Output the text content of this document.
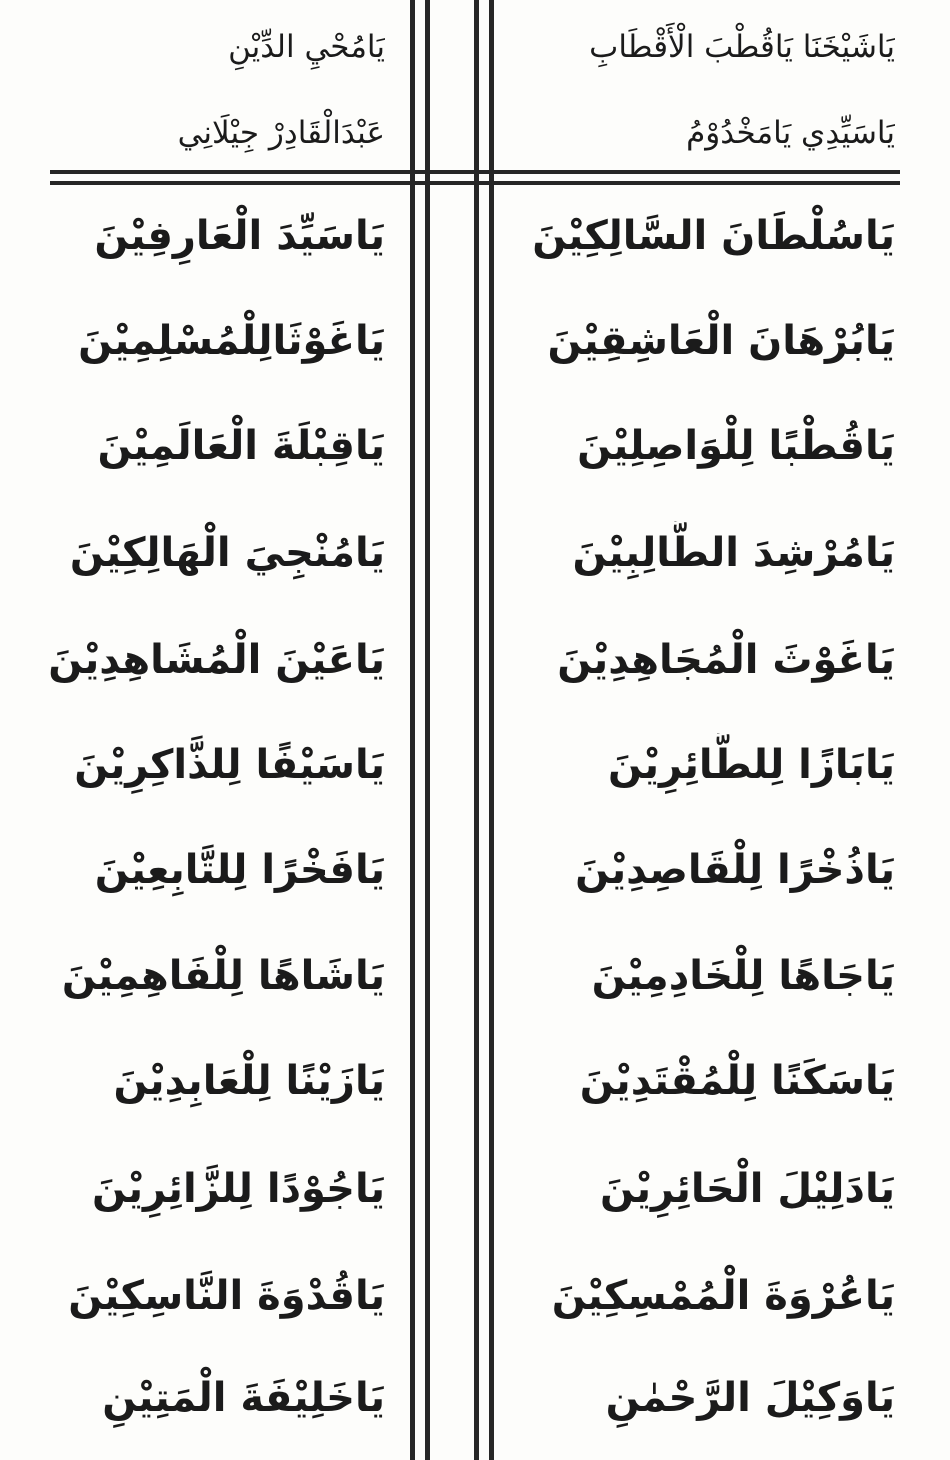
يَاشَيْخَنَا يَاقُطْبَ الْأَقْطَابِ
يَاسَيِّدِي يَامَخْدُوْمُ
يَامُحْيِ الدِّيْنِ
عَبْدَالْقَادِرْ جِيْلَانِي
يَاسُلْطَانَ السَّالِكِيْنَ
يَاسَيِّدَ الْعَارِفِيْنَ
يَابُرْهَانَ الْعَاشِقِيْنَ
يَاغَوْثَالِلْمُسْلِمِيْنَ
يَاقُطْبًا لِلْوَاصِلِيْنَ
يَاقِبْلَةَ الْعَالَمِيْنَ
يَامُرْشِدَ الطَّالِبِيْنَ
يَامُنْجِيَ الْهَالِكِيْنَ
يَاغَوْثَ الْمُجَاهِدِيْنَ
يَاعَيْنَ الْمُشَاهِدِيْنَ
يَابَازًا لِلطَّائِرِيْنَ
يَاسَيْفًا لِلذَّاكِرِيْنَ
يَاذُخْرًا لِلْقَاصِدِيْنَ
يَافَخْرًا لِلتَّابِعِيْنَ
يَاجَاهًا لِلْخَادِمِيْنَ
يَاشَاهًا لِلْفَاهِمِيْنَ
يَاسَكَنًا لِلْمُقْتَدِيْنَ
يَازَيْنًا لِلْعَابِدِيْنَ
يَادَلِيْلَ الْحَائِرِيْنَ
يَاجُوْدًا لِلزَّائِرِيْنَ
يَاعُرْوَةَ الْمُمْسِكِيْنَ
يَاقُدْوَةَ النَّاسِكِيْنَ
يَاوَكِيْلَ الرَّحْمٰنِ
يَاخَلِيْفَةَ الْمَتِيْنِ
